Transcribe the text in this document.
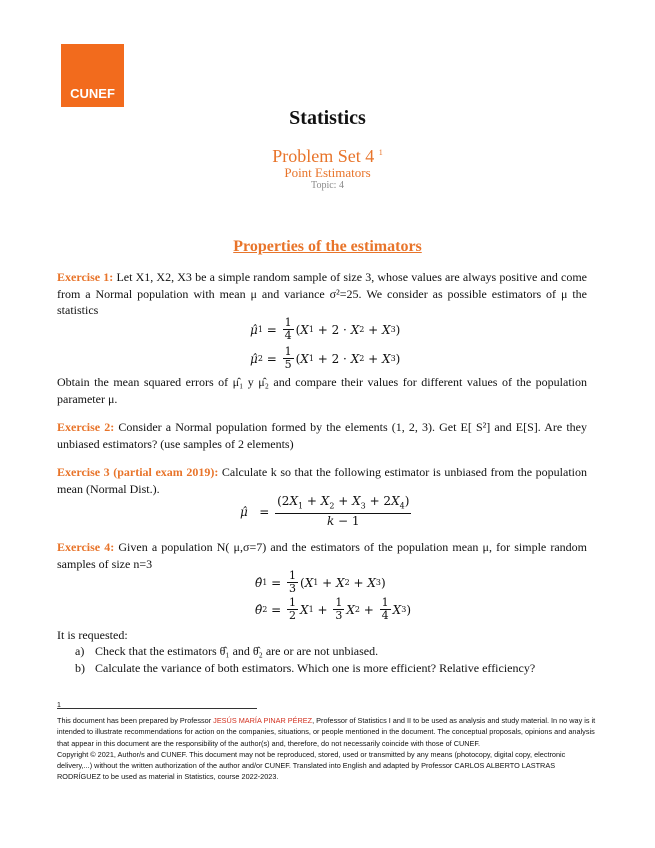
CUNEF
Statistics
Problem Set 4 $^1$
Point Estimators
Topic: 4
Properties of the estimators
Exercise 1: Let X1, X2, X3 be a simple random sample of size 3, whose values are always positive and come from a Normal population with mean μ and variance σ²=25. We consider as possible estimators of μ the statistics
μ̂ $1 = \frac{1}{4}$ ( X 1 + 2 · X 2 + X 3 )
μ̂ $2 = \frac{1}{5}$ ( X 1 + 2 · X 2 + X 3 )
Obtain the mean squared errors of μ̂₁ y μ̂₂ and compare their values for different values of the population parameter μ.
Exercise 2: Consider a Normal population formed by the elements (1, 2, 3). Get E[ S²] and E[S]. Are they unbiased estimators? (use samples of 2 elements)
Exercise 3 (partial exam 2019): Calculate k so that the following estimator is unbiased from the population mean (Normal Dist.).
μ̂ = $\frac{(2X_1 + X_2 + X_3 + 2X_4)}{k - 1}$
Exercise 4: Given a population N( μ,σ=7) and the estimators of the population mean μ, for simple random samples of size n=3
θ̂ $1 = \frac{1}{3}$ ( X 1 + X 2 + X 3 )
θ̂ $2 = \frac{1}{2}$ X $1 + \frac{1}{3}$ X $2 + \frac{1}{4}$ X 3 )
It is requested:
a) Check that the estimators θ̂₁ and θ̂₂ are or are not unbiased.
b) Calculate the variance of both estimators. Which one is more efficient? Relative efficiency?
1
This document has been prepared by Professor JESÚS MARÍA PINAR PÉREZ, Professor of Statistics I and II to be used as analysis and study material. In no way is it intended to illustrate recommendations for action on the companies, situations, or people mentioned in the document. The conceptual proposals, opinions and analysis that appear in this document are the responsibility of the author(s) and, therefore, do not necessarily coincide with those of CUNEF.
Copyright © 2021, Author/s and CUNEF. This document may not be reproduced, stored, used or transmitted by any means (photocopy, digital copy, electronic delivery,...) without the written authorization of the author and/or CUNEF. Translated into English and adapted by Professor CARLOS ALBERTO LASTRAS RODRÍGUEZ to be used as material in Statistics, course 2022-2023.
